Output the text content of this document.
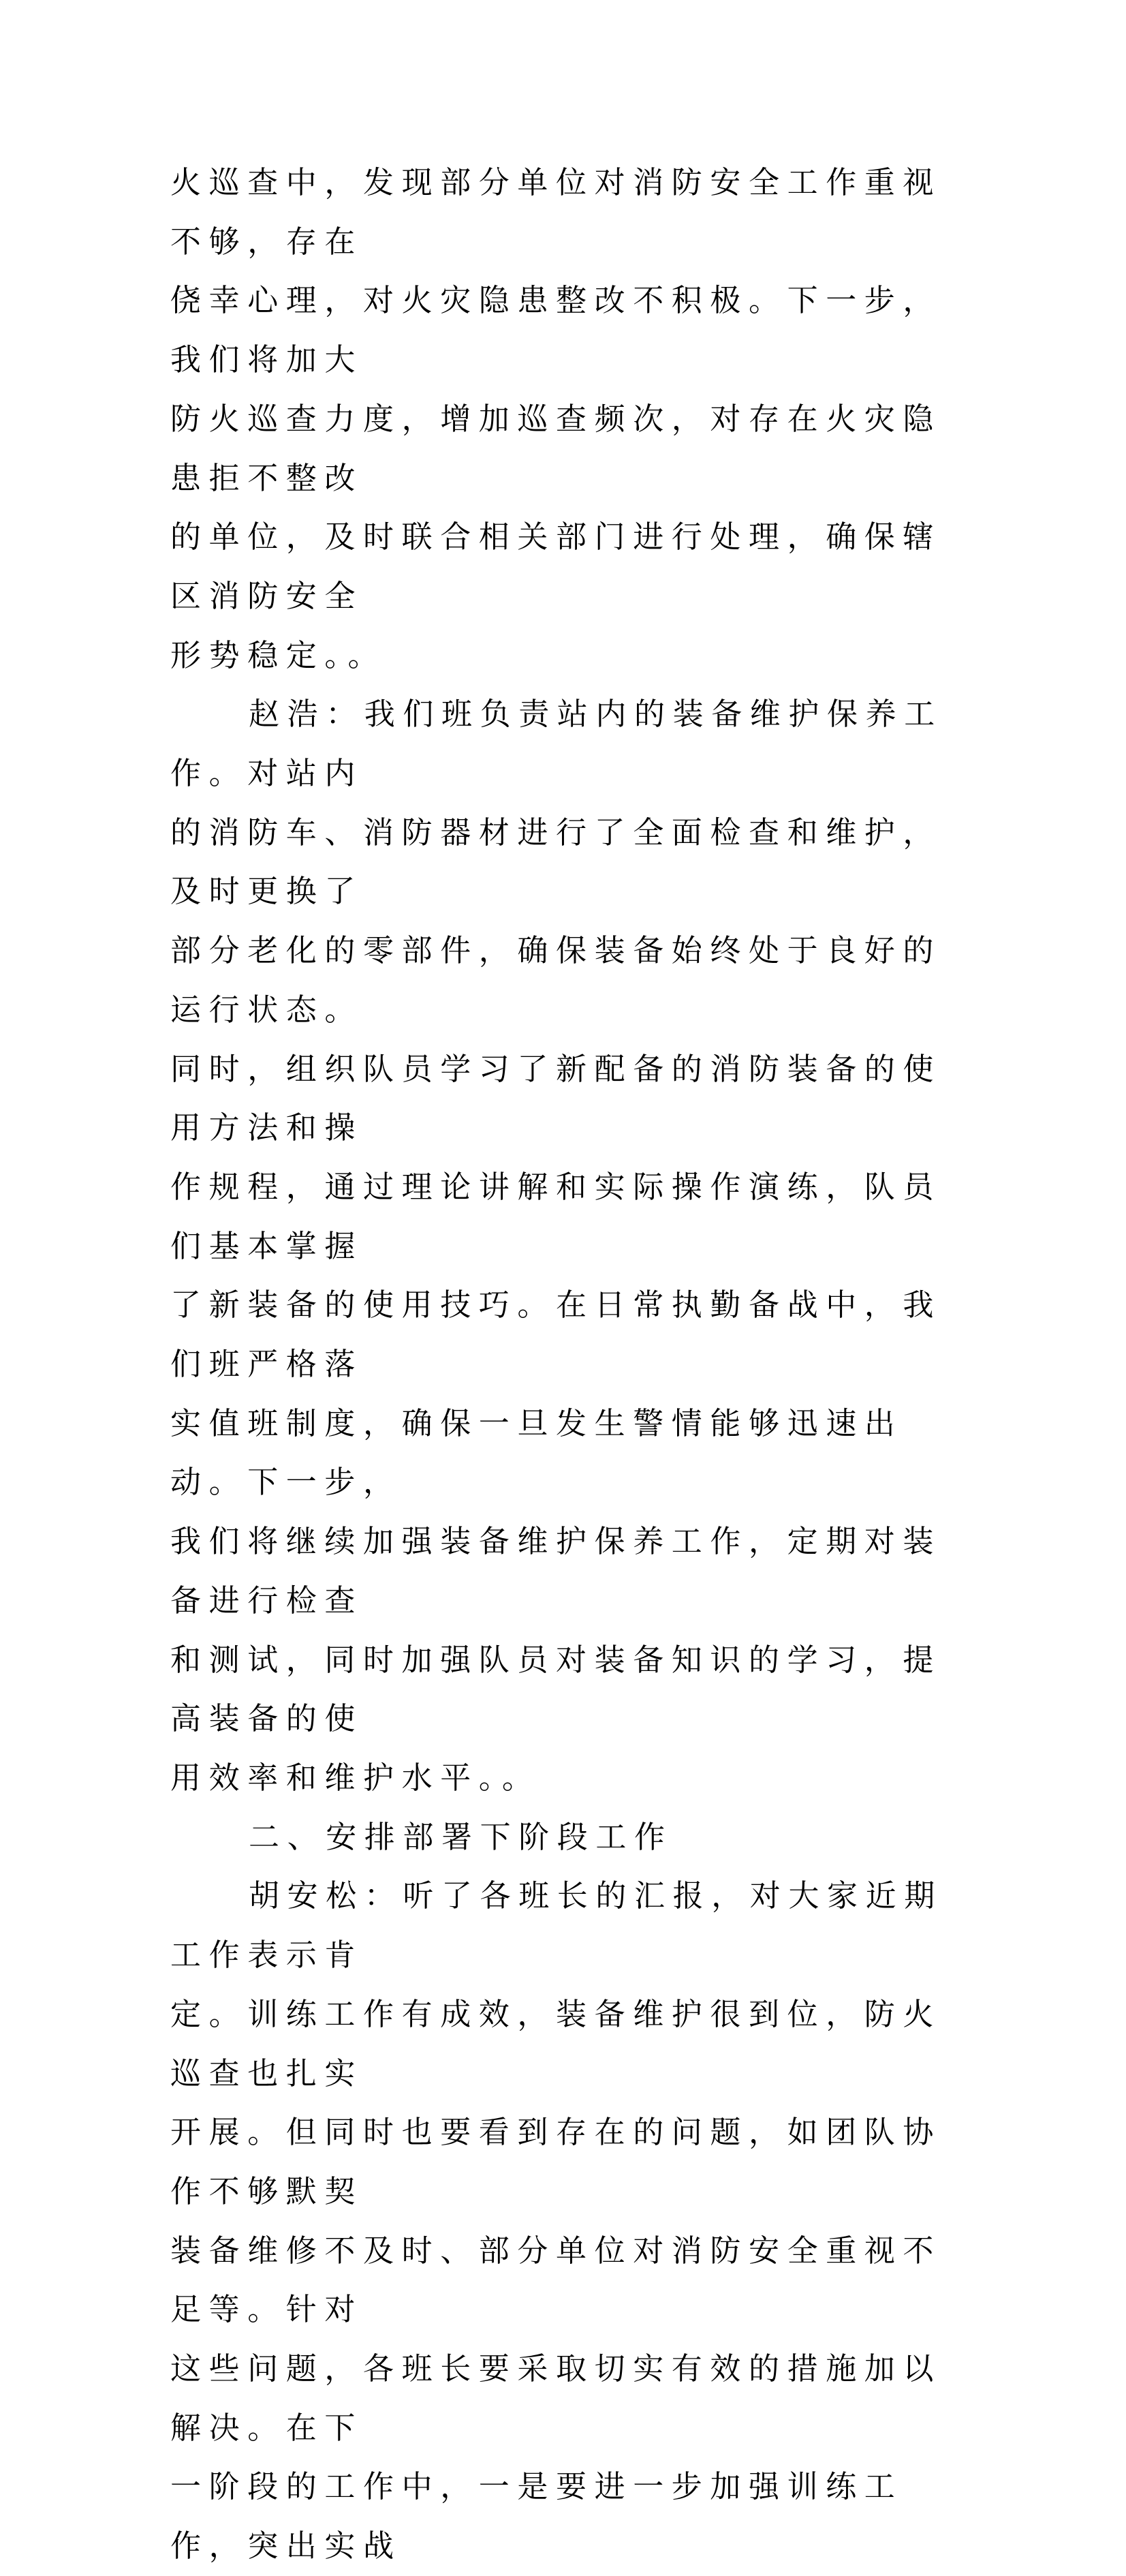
火巡查中，发现部分单位对消防安全工作重视不够，存在
侥幸心理，对火灾隐患整改不积极。下一步，我们将加大
防火巡查力度，增加巡查频次，对存在火灾隐患拒不整改
的单位，及时联合相关部门进行处理，确保辖区消防安全
形势稳定。。
赵浩：我们班负责站内的装备维护保养工作。对站内
的消防车、消防器材进行了全面检查和维护，及时更换了
部分老化的零部件，确保装备始终处于良好的运行状态。
同时，组织队员学习了新配备的消防装备的使用方法和操
作规程，通过理论讲解和实际操作演练，队员们基本掌握
了新装备的使用技巧。在日常执勤备战中，我们班严格落
实值班制度，确保一旦发生警情能够迅速出动。下一步，
我们将继续加强装备维护保养工作，定期对装备进行检查
和测试，同时加强队员对装备知识的学习，提高装备的使
用效率和维护水平。。
二、安排部署下阶段工作
胡安松：听了各班长的汇报，对大家近期工作表示肯
定。训练工作有成效，装备维护很到位，防火巡查也扎实
开展。但同时也要看到存在的问题，如团队协作不够默契
装备维修不及时、部分单位对消防安全重视不足等。针对
这些问题，各班长要采取切实有效的措施加以解决。在下
一阶段的工作中，一是要进一步加强训练工作，突出实战
